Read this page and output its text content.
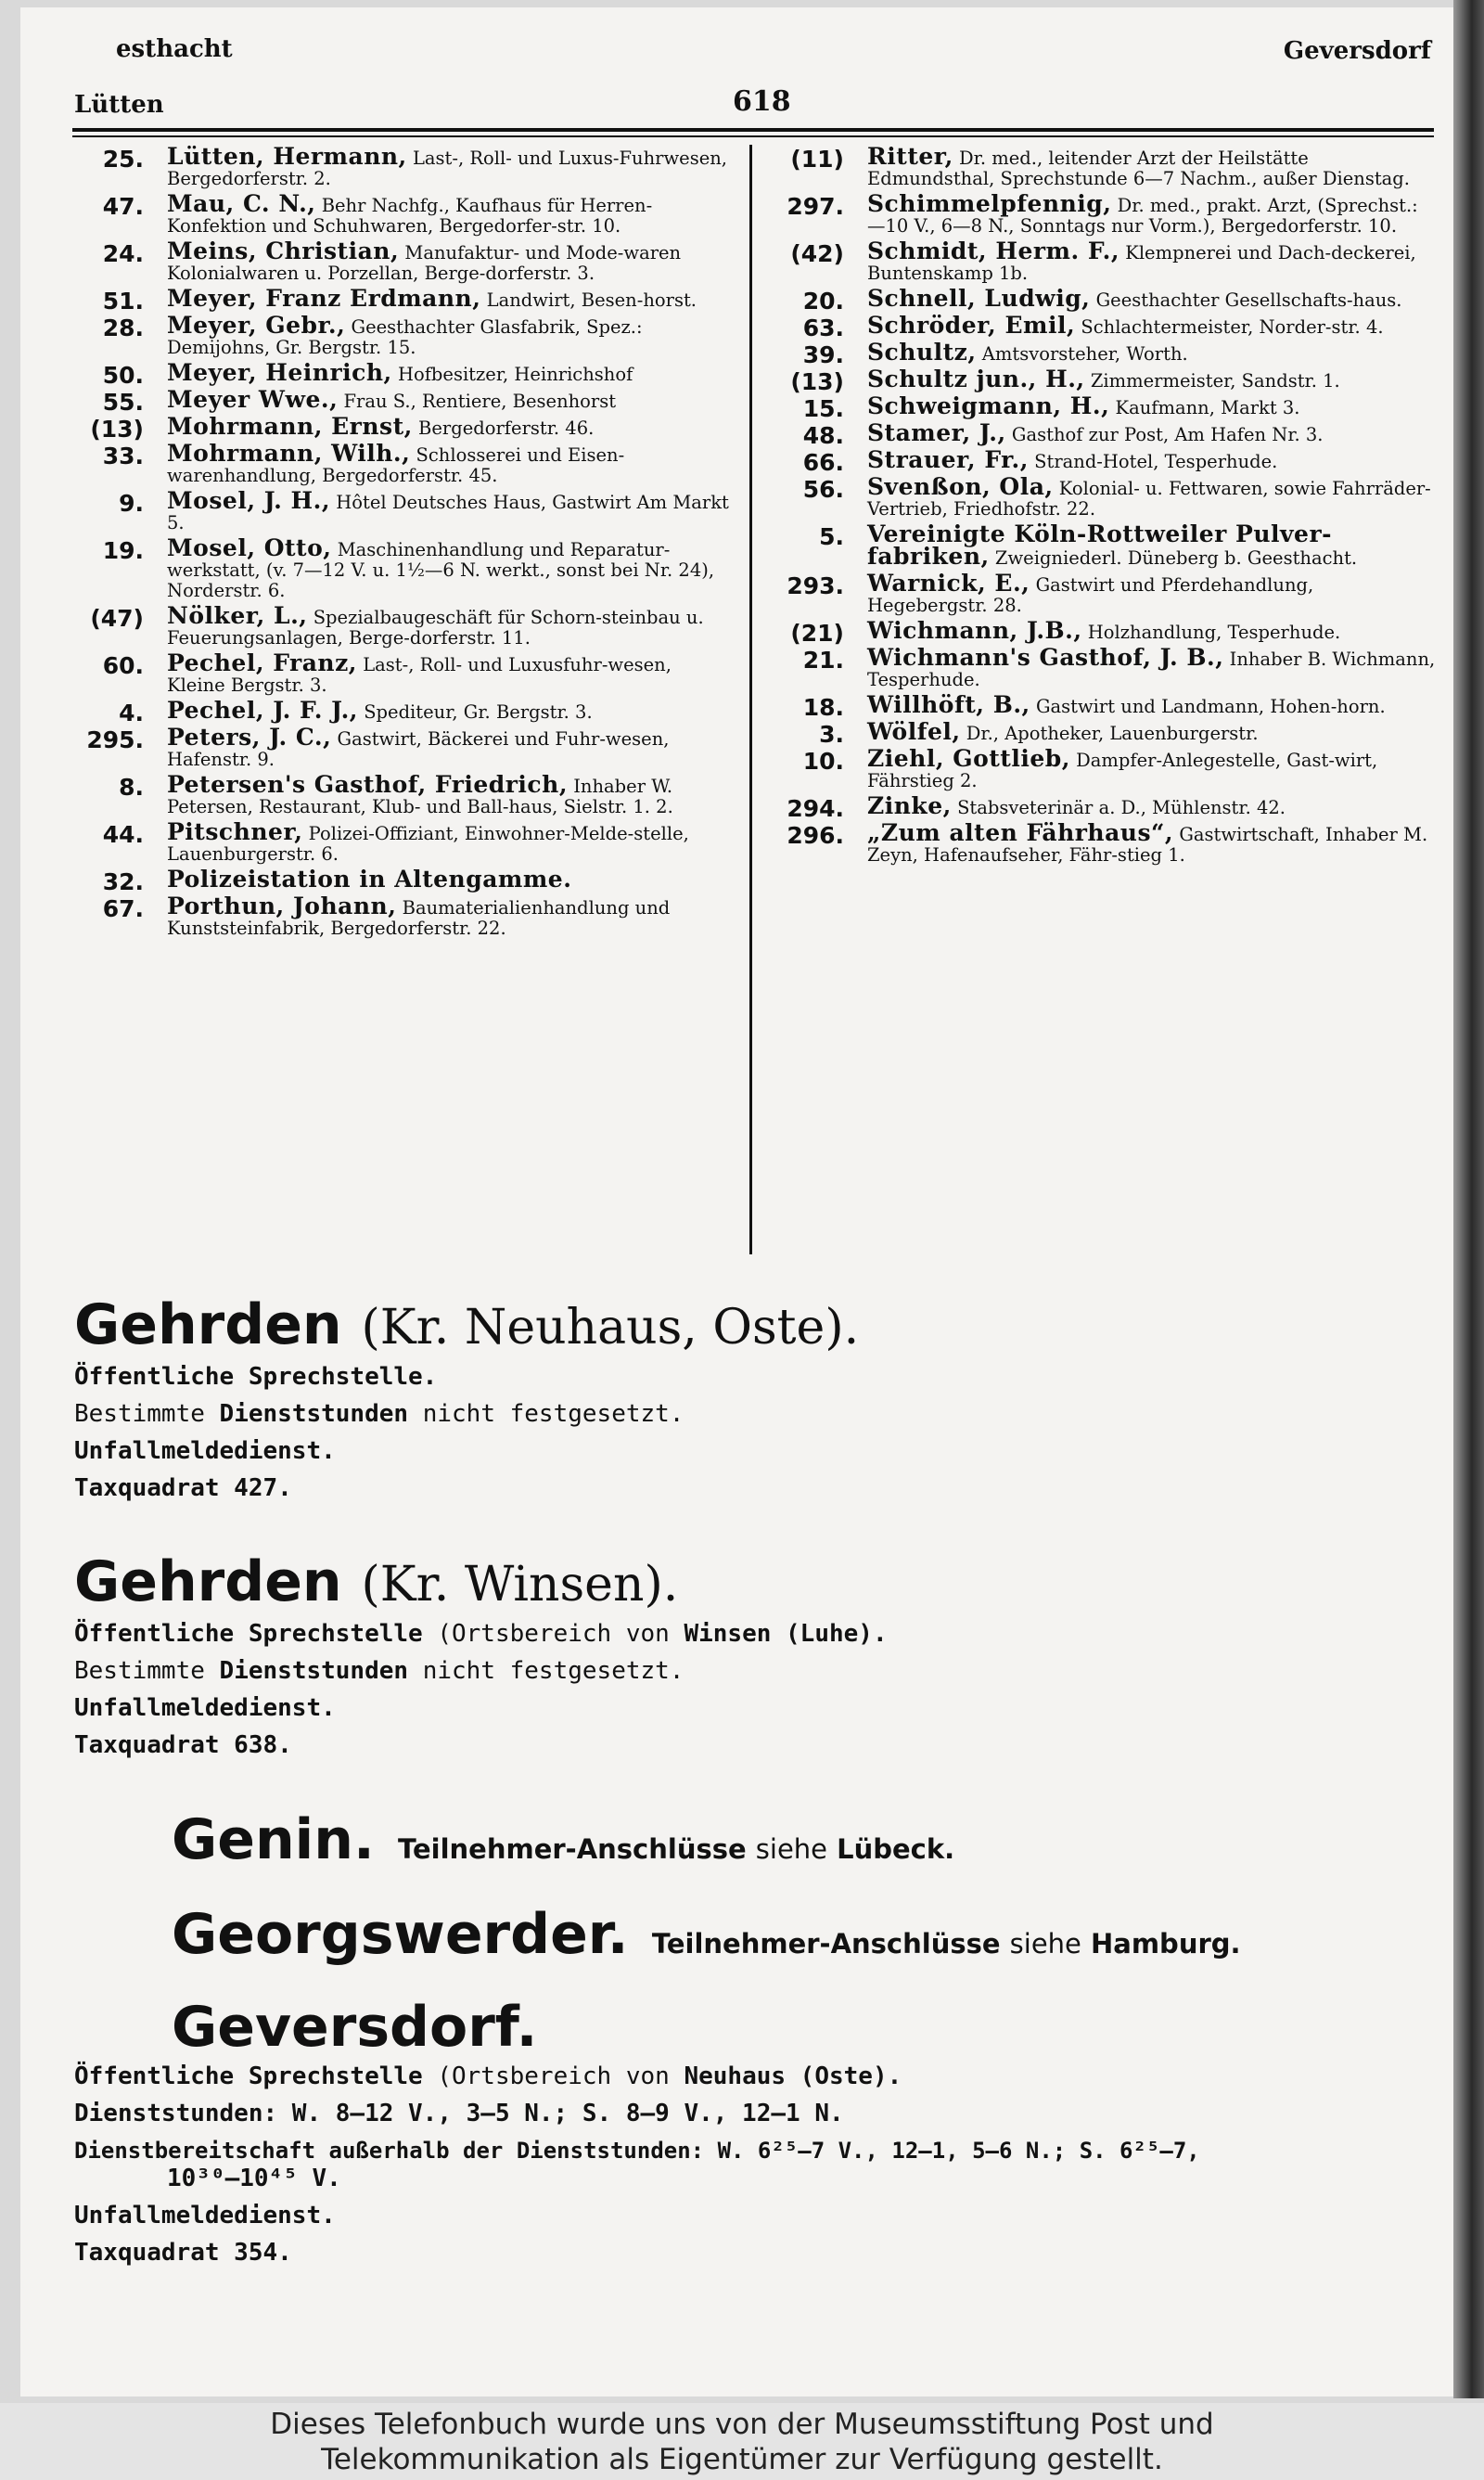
esthacht	Geversdorf
Lütten	618
25. Lütten, Hermann, Last-, Roll- und Luxus-Fuhrwesen, Bergedorferstr. 2.
47. Mau, C. N., Behr Nachfg., Kaufhaus für Herren-Konfektion und Schuhwaren, Bergedorfer-str. 10.
24. Meins, Christian, Manufaktur- und Mode-waren Kolonialwaren u. Porzellan, Berge-dorferstr. 3.
51. Meyer, Franz Erdmann, Landwirt, Besen-horst.
28. Meyer, Gebr., Geesthachter Glasfabrik, Spez.: Demijohns, Gr. Bergstr. 15.
50. Meyer, Heinrich, Hofbesitzer, Heinrichshof
55. Meyer Wwe., Frau S., Rentiere, Besenhorst
(13) Mohrmann, Ernst, Bergedorferstr. 46.
33. Mohrmann, Wilh., Schlosserei und Eisen-warenhandlung, Bergedorferstr. 45.
9. Mosel, J. H., Hôtel Deutsches Haus, Gastwirt Am Markt 5.
19. Mosel, Otto, Maschinenhandlung und Reparatur-werkstatt, (v. 7—12 V. u. 1½—6 N. werkt., sonst bei Nr. 24), Norderstr. 6.
(47) Nölker, L., Spezialbaugeschäft für Schorn-steinbau u. Feuerungsanlagen, Berge-dorferstr. 11.
60. Pechel, Franz, Last-, Roll- und Luxusfuhr-wesen, Kleine Bergstr. 3.
4. Pechel, J. F. J., Spediteur, Gr. Bergstr. 3.
295. Peters, J. C., Gastwirt, Bäckerei und Fuhr-wesen, Hafenstr. 9.
8. Petersen's Gasthof, Friedrich, Inhaber W. Petersen, Restaurant, Klub- und Ball-haus, Sielstr. 1. 2.
44. Pitschner, Polizei-Offiziant, Einwohner-Melde-stelle, Lauenburgerstr. 6.
32. Polizeistation in Altengamme.
67. Porthun, Johann, Baumaterialienhandlung und Kunststeinfabrik, Bergedorferstr. 22.
(11) Ritter, Dr. med., leitender Arzt der Heilstätte Edmundsthal, Sprechstunde 6—7 Nachm., außer Dienstag.
297. Schimmelpfennig, Dr. med., prakt. Arzt, (Sprechst.: —10 V., 6—8 N., Sonntags nur Vorm.), Bergedorferstr. 10.
(42) Schmidt, Herm. F., Klempnerei und Dach-deckerei, Buntenskamp 1b.
20. Schnell, Ludwig, Geesthachter Gesellschafts-haus.
63. Schröder, Emil, Schlachtermeister, Norder-str. 4.
39. Schultz, Amtsvorsteher, Worth.
(13) Schultz jun., H., Zimmermeister, Sandstr. 1.
15. Schweigmann, H., Kaufmann, Markt 3.
48. Stamer, J., Gasthof zur Post, Am Hafen Nr. 3.
66. Strauer, Fr., Strand-Hotel, Tesperhude.
56. Svenßon, Ola, Kolonial- u. Fettwaren, sowie Fahrräder-Vertrieb, Friedhofstr. 22.
5. Vereinigte Köln-Rottweiler Pulver-fabriken, Zweigniederl. Düneberg b. Geesthacht.
293. Warnick, E., Gastwirt und Pferdehandlung, Hegebergstr. 28.
(21) Wichmann, J.B., Holzhandlung, Tesperhude.
21. Wichmann's Gasthof, J. B., Inhaber B. Wichmann, Tesperhude.
18. Willhöft, B., Gastwirt und Landmann, Hohen-horn.
3. Wölfel, Dr., Apotheker, Lauenburgerstr.
10. Ziehl, Gottlieb, Dampfer-Anlegestelle, Gast-wirt, Fährstieg 2.
294. Zinke, Stabsveterinär a. D., Mühlenstr. 42.
296. „Zum alten Fährhaus“, Gastwirtschaft, Inhaber M. Zeyn, Hafenaufseher, Fähr-stieg 1.
Gehrden (Kr. Neuhaus, Oste).
Öffentliche Sprechstelle.
Bestimmte Dienststunden nicht festgesetzt.
Unfallmeldedienst.
Taxquadrat 427.
Gehrden (Kr. Winsen).
Öffentliche Sprechstelle (Ortsbereich von Winsen (Luhe).
Bestimmte Dienststunden nicht festgesetzt.
Unfallmeldedienst.
Taxquadrat 638.
Genin. Teilnehmer-Anschlüsse siehe Lübeck.
Georgswerder. Teilnehmer-Anschlüsse siehe Hamburg.
Geversdorf.
Öffentliche Sprechstelle (Ortsbereich von Neuhaus (Oste).
Dienststunden: W. 8—12 V., 3—5 N.; S. 8—9 V., 12—1 N.
Dienstbereitschaft außerhalb der Dienststunden: W. 6²⁵—7 V., 12—1, 5—6 N.; S. 6²⁵—7,
10³⁰—10⁴⁵ V.
Unfallmeldedienst.
Taxquadrat 354.
Dieses Telefonbuch wurde uns von der Museumsstiftung Post und
Telekommunikation als Eigentümer zur Verfügung gestellt.
